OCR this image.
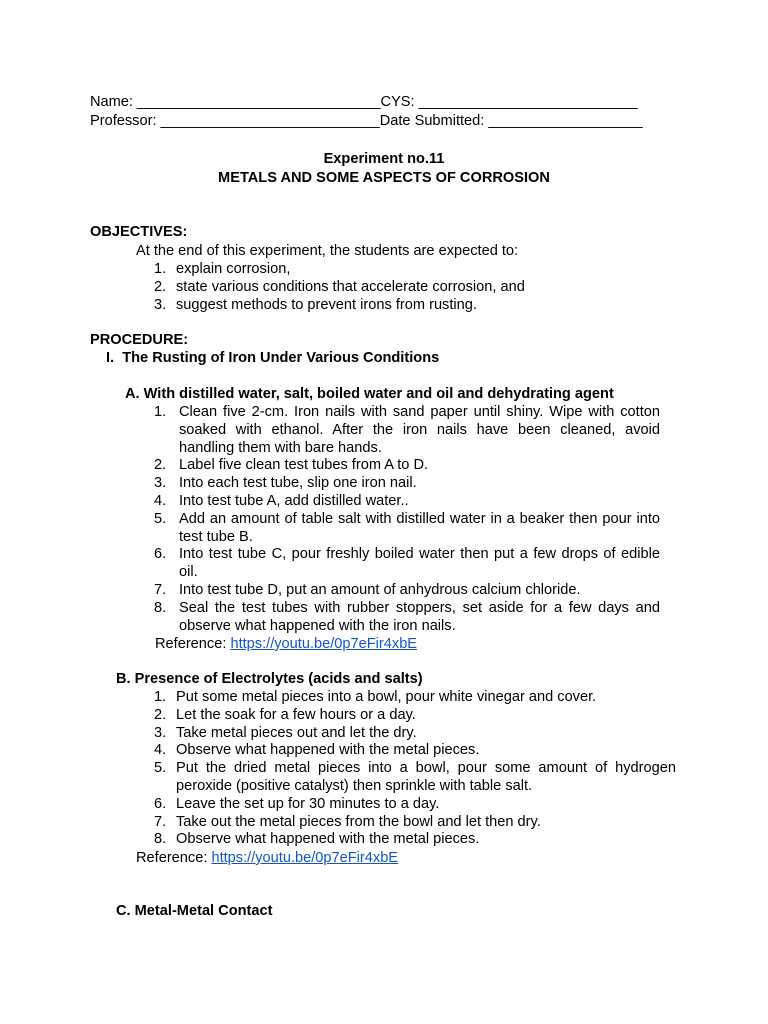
Name: ______________________________CYS: ___________________________
Professor: ___________________________Date Submitted: ___________________
Experiment no.11
METALS AND SOME ASPECTS OF CORROSION
OBJECTIVES:
At the end of this experiment, the students are expected to:
1. explain corrosion,
2. state various conditions that accelerate corrosion, and
3. suggest methods to prevent irons from rusting.
PROCEDURE:
I.  The Rusting of Iron Under Various Conditions
A. With distilled water, salt, boiled water and oil and dehydrating agent
1. Clean five 2-cm. Iron nails with sand paper until shiny. Wipe with cotton soaked with ethanol. After the iron nails have been cleaned, avoid handling them with bare hands.
2. Label five clean test tubes from A to D.
3. Into each test tube, slip one iron nail.
4. Into test tube A, add distilled water..
5. Add an amount of table salt with distilled water in a beaker then pour into test tube B.
6. Into test tube C, pour freshly boiled water then put a few drops of edible oil.
7. Into test tube D, put an amount of anhydrous calcium chloride.
8. Seal the test tubes with rubber stoppers, set aside for a few days and observe what happened with the iron nails.
Reference: https://youtu.be/0p7eFir4xbE
B. Presence of Electrolytes (acids and salts)
1. Put some metal pieces into a bowl, pour white vinegar and cover.
2. Let the soak for a few hours or a day.
3. Take metal pieces out and let the dry.
4. Observe what happened with the metal pieces.
5. Put the dried metal pieces into a bowl, pour some amount of hydrogen peroxide (positive catalyst) then sprinkle with table salt.
6. Leave the set up for 30 minutes to a day.
7. Take out the metal pieces from the bowl and let then dry.
8. Observe what happened with the metal pieces.
Reference: https://youtu.be/0p7eFir4xbE
C. Metal-Metal Contact
